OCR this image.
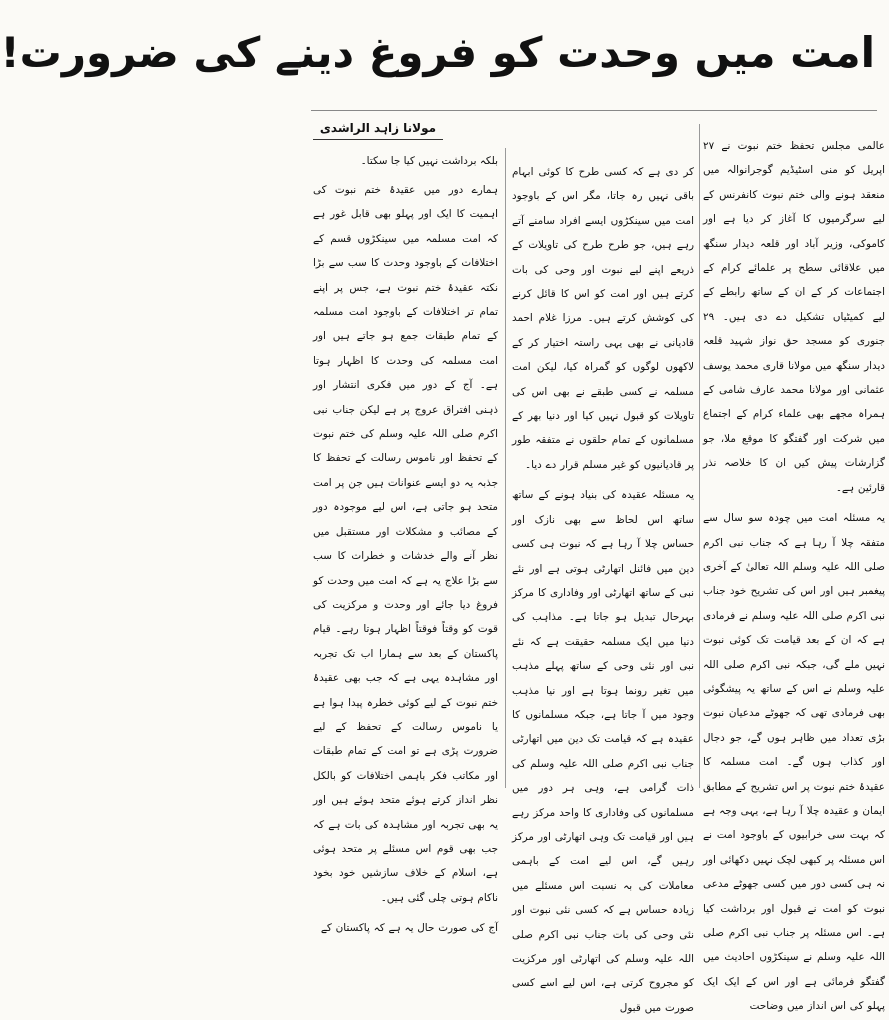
امت میں وحدت کو فروغ دینے کی ضرورت!
مولانا زاہد الراشدی

عالمی مجلس تحفظ ختم نبوت نے ۲۷ اپریل کو منی اسٹیڈیم گوجرانوالہ میں منعقد ہونے والی ختم نبوت کانفرنس کے لیے سرگرمیوں کا آغاز کر دیا ہے اور کاموکی، وزیر آباد اور قلعہ دیدار سنگھ میں علاقائی سطح پر علمائے کرام کے اجتماعات کر کے ان کے ساتھ رابطے کے لیے کمیٹیاں تشکیل دے دی ہیں۔ ۲۹ جنوری کو مسجد حق نواز شہید قلعہ دیدار سنگھ میں مولانا قاری محمد یوسف عثمانی اور مولانا محمد عارف شامی کے ہمراہ مجھے بھی علماء کرام کے اجتماع میں شرکت اور گفتگو کا موقع ملا، جو گزارشات پیش کیں ان کا خلاصہ نذر قارئین ہے۔

یہ مسئلہ امت میں چودہ سو سال سے متفقہ چلا آ رہا ہے کہ جناب نبی اکرم صلی اللہ علیہ وسلم اللہ تعالیٰ کے آخری پیغمبر ہیں اور اس کی تشریح خود جناب نبی اکرم صلی اللہ علیہ وسلم نے فرمادی ہے کہ ان کے بعد قیامت تک کوئی نبوت نہیں ملے گی، جبکہ نبی اکرم صلی اللہ علیہ وسلم نے اس کے ساتھ یہ پیشگوئی بھی فرمادی تھی کہ جھوٹے مدعیان نبوت بڑی تعداد میں ظاہر ہوں گے، جو دجال اور کذاب ہوں گے۔ امت مسلمہ کا عقیدۂ ختم نبوت پر اس تشریح کے مطابق ایمان و عقیدہ چلا آ رہا ہے، یہی وجہ ہے کہ بہت سی خرابیوں کے باوجود امت نے اس مسئلہ پر کبھی لچک نہیں دکھائی اور نہ ہی کسی دور میں کسی جھوٹے مدعی نبوت کو امت نے قبول اور برداشت کیا ہے۔ اس مسئلہ پر جناب نبی اکرم صلی اللہ علیہ وسلم نے سینکڑوں احادیث میں گفتگو فرمائی ہے اور اس کے ایک ایک پہلو کی اس انداز میں وضاحت

کر دی ہے کہ کسی طرح کا کوئی ابہام باقی نہیں رہ جاتا، مگر اس کے باوجود امت میں سینکڑوں ایسے افراد سامنے آتے رہے ہیں، جو طرح طرح کی تاویلات کے ذریعے اپنے لیے نبوت اور وحی کی بات کرتے ہیں اور امت کو اس کا قائل کرنے کی کوشش کرتے ہیں۔ مرزا غلام احمد قادیانی نے بھی یہی راستہ اختیار کر کے لاکھوں لوگوں کو گمراہ کیا، لیکن امت مسلمہ نے کسی طبقے نے بھی اس کی تاویلات کو قبول نہیں کیا اور دنیا بھر کے مسلمانوں کے تمام حلقوں نے متفقہ طور پر قادیانیوں کو غیر مسلم قرار دے دیا۔

یہ مسئلہ عقیدہ کی بنیاد ہونے کے ساتھ ساتھ اس لحاظ سے بھی نازک اور حساس چلا آ رہا ہے کہ نبوت ہی کسی دین میں فائنل اتھارٹی ہوتی ہے اور نئے نبی کے ساتھ اتھارٹی اور وفاداری کا مرکز بہرحال تبدیل ہو جاتا ہے۔ مذاہب کی دنیا میں ایک مسلمہ حقیقت ہے کہ نئے نبی اور نئی وحی کے ساتھ پہلے مذہب میں تغیر رونما ہوتا ہے اور نیا مذہب وجود میں آ جاتا ہے، جبکہ مسلمانوں کا عقیدہ ہے کہ قیامت تک دین میں اتھارٹی جناب نبی اکرم صلی اللہ علیہ وسلم کی ذات گرامی ہے، وہی ہر دور میں مسلمانوں کی وفاداری کا واحد مرکز رہے ہیں اور قیامت تک وہی اتھارٹی اور مرکز رہیں گے، اس لیے امت کے باہمی معاملات کی بہ نسبت اس مسئلے میں زیادہ حساس ہے کہ کسی نئی نبوت اور نئی وحی کی بات جناب نبی اکرم صلی اللہ علیہ وسلم کی اتھارٹی اور مرکزیت کو مجروح کرتی ہے، اس لیے اسے کسی صورت میں قبول

بلکہ برداشت نہیں کیا جا سکتا۔

ہمارے دور میں عقیدۂ ختم نبوت کی اہمیت کا ایک اور پہلو بھی قابل غور ہے کہ امت مسلمہ میں سینکڑوں قسم کے اختلافات کے باوجود وحدت کا سب سے بڑا نکتہ عقیدۂ ختم نبوت ہے، جس پر اپنے تمام تر اختلافات کے باوجود امت مسلمہ کے تمام طبقات جمع ہو جاتے ہیں اور امت مسلمہ کی وحدت کا اظہار ہوتا ہے۔ آج کے دور میں فکری انتشار اور ذہنی افتراق عروج پر ہے لیکن جناب نبی اکرم صلی اللہ علیہ وسلم کی ختم نبوت کے تحفظ اور ناموس رسالت کے تحفظ کا جذبہ یہ دو ایسے عنوانات ہیں جن پر امت متحد ہو جاتی ہے، اس لیے موجودہ دور کے مصائب و مشکلات اور مستقبل میں نظر آنے والے خدشات و خطرات کا سب سے بڑا علاج یہ ہے کہ امت میں وحدت کو فروغ دیا جائے اور وحدت و مرکزیت کی قوت کو وقتاً فوقتاً اظہار ہوتا رہے۔ قیام پاکستان کے بعد سے ہمارا اب تک تجربہ اور مشاہدہ یہی ہے کہ جب بھی عقیدۂ ختم نبوت کے لیے کوئی خطرہ پیدا ہوا ہے یا ناموس رسالت کے تحفظ کے لیے ضرورت پڑی ہے تو امت کے تمام طبقات اور مکاتب فکر باہمی اختلافات کو بالکل نظر انداز کرتے ہوئے متحد ہوئے ہیں اور یہ بھی تجربہ اور مشاہدہ کی بات ہے کہ جب بھی قوم اس مسئلے پر متحد ہوئی ہے، اسلام کے خلاف سازشیں خود بخود ناکام ہوتی چلی گئی ہیں۔

آج کی صورت حال یہ ہے کہ پاکستان کے
